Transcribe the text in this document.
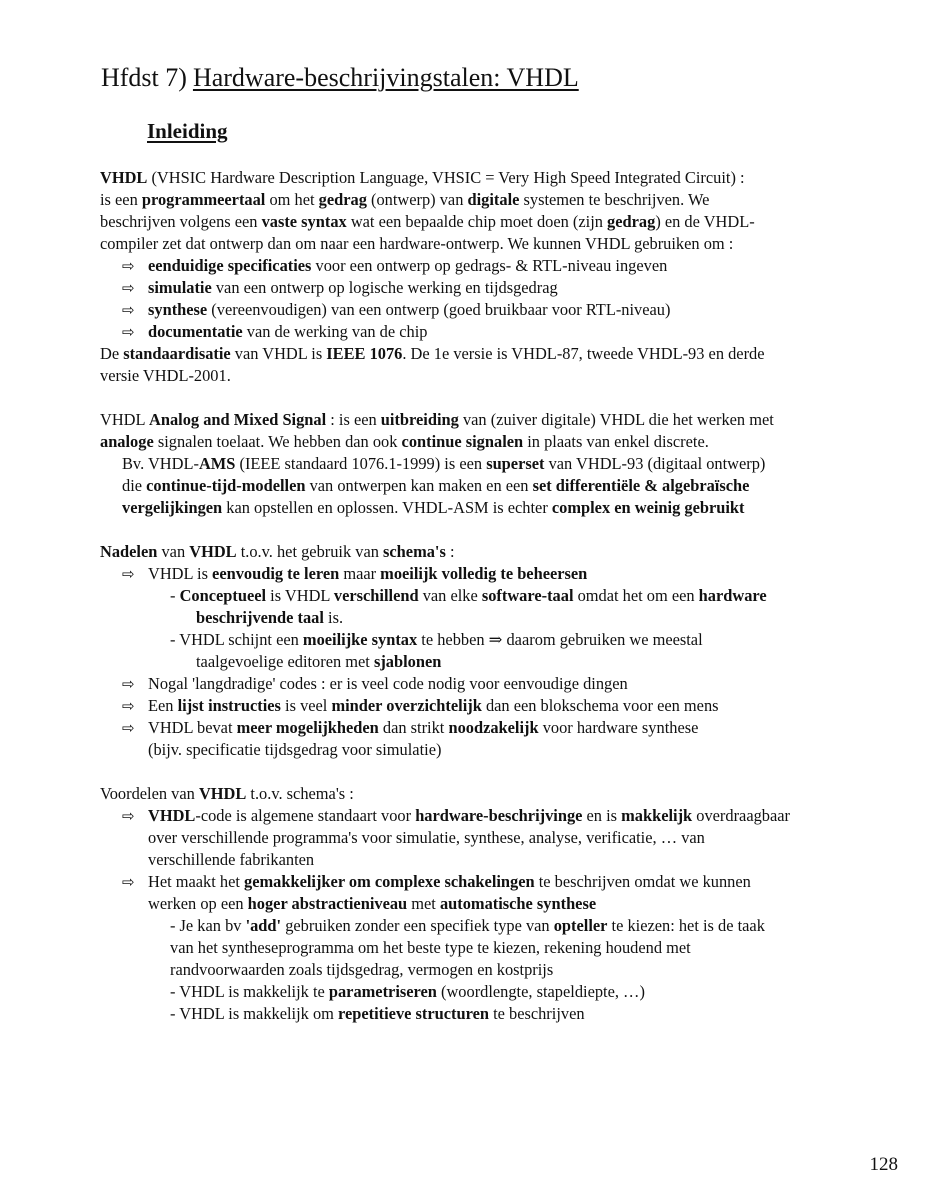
Hfdst 7) Hardware-beschrijvingstalen: VHDL
Inleiding

VHDL (VHSIC Hardware Description Language, VHSIC = Very High Speed Integrated Circuit) :

is een programmeertaal om het gedrag (ontwerp) van digitale systemen te beschrijven. We

beschrijven volgens een vaste syntax wat een bepaalde chip moet doen (zijn gedrag) en de VHDL-

compiler zet dat ontwerp dan om naar een hardware-ontwerp. We kunnen VHDL gebruiken om :

⇨ eenduidige specificaties voor een ontwerp op gedrags- & RTL-niveau ingeven
⇨ simulatie van een ontwerp op logische werking en tijdsgedrag
⇨ synthese (vereenvoudigen) van een ontwerp (goed bruikbaar voor RTL-niveau)
⇨ documentatie van de werking van de chip

De standaardisatie van VHDL is IEEE 1076. De 1e versie is VHDL-87, tweede VHDL-93 en derde

versie VHDL-2001.

VHDL Analog and Mixed Signal : is een uitbreiding van (zuiver digitale) VHDL die het werken met

analoge signalen toelaat. We hebben dan ook continue signalen in plaats van enkel discrete.

Bv. VHDL-AMS (IEEE standaard 1076.1-1999) is een superset van VHDL-93 (digitaal ontwerp)

die continue-tijd-modellen van ontwerpen kan maken en een set differentiële & algebraïsche

vergelijkingen kan opstellen en oplossen. VHDL-ASM is echter complex en weinig gebruikt

Nadelen van VHDL t.o.v. het gebruik van schema's :

⇨ VHDL is eenvoudig te leren maar moeilijk volledig te beheersen
- Conceptueel is VHDL verschillend van elke software-taal omdat het om een hardware
beschrijvende taal is.
- VHDL schijnt een moeilijke syntax te hebben ⇒ daarom gebruiken we meestal
taalgevoelige editoren met sjablonen
⇨ Nogal 'langdradige' codes : er is veel code nodig voor eenvoudige dingen
⇨ Een lijst instructies is veel minder overzichtelijk dan een blokschema voor een mens
⇨ VHDL bevat meer mogelijkheden dan strikt noodzakelijk voor hardware synthese
(bijv. specificatie tijdsgedrag voor simulatie)

Voordelen van VHDL t.o.v. schema's :

⇨ VHDL-code is algemene standaart voor hardware-beschrijvinge en is makkelijk overdraagbaar
over verschillende programma's voor simulatie, synthese, analyse, verificatie, … van
verschillende fabrikanten
⇨ Het maakt het gemakkelijker om complexe schakelingen te beschrijven omdat we kunnen
werken op een hoger abstractieniveau met automatische synthese
- Je kan bv 'add' gebruiken zonder een specifiek type van opteller te kiezen: het is de taak
van het syntheseprogramma om het beste type te kiezen, rekening houdend met
randvoorwaarden zoals tijdsgedrag, vermogen en kostprijs
- VHDL is makkelijk te parametriseren (woordlengte, stapeldiepte, …)
- VHDL is makkelijk om repetitieve structuren te beschrijven
128
